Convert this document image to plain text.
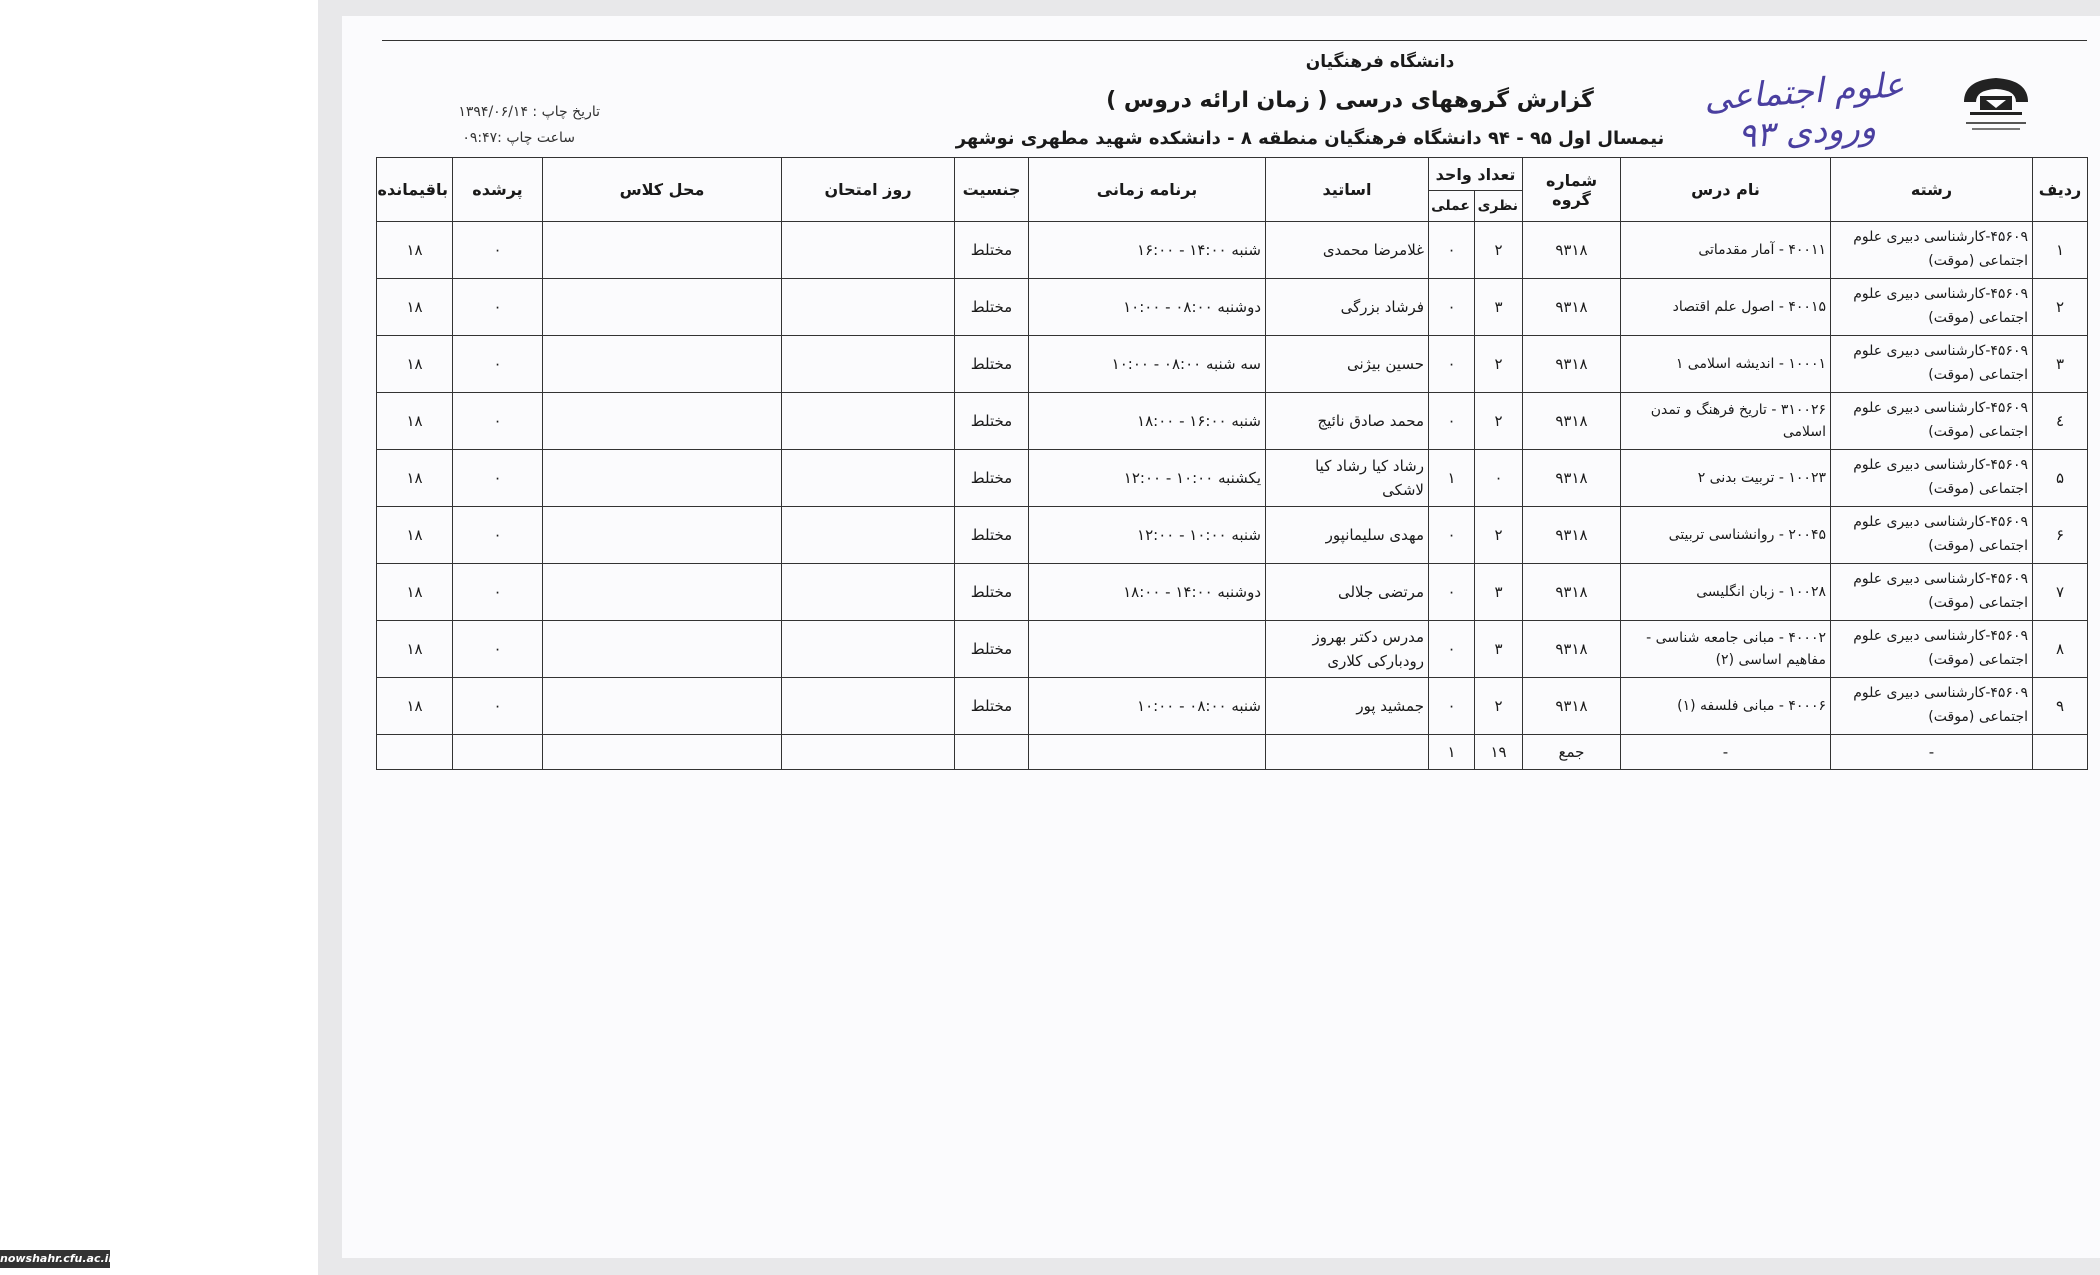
دانشگاه فرهنگیان
گزارش گروههای درسی ( زمان ارائه دروس )
نیمسال اول ۹۵ - ۹۴ دانشگاه فرهنگیان منطقه ۸ - دانشکده شهید مطهری نوشهر
تاریخ چاپ : ۱۳۹۴/۰۶/۱۴
ساعت چاپ :۰۹:۴۷
علوم اجتماعی ورودی ۹۳
ردیف	رشته	نام درس	شماره گروه	تعداد واحد		اساتید	برنامه زمانی	جنسیت	روز امتحان	محل کلاس	پرشده	باقیمانده
				نظری	عملی							
۱	۴۵۶۰۹-کارشناسی دبیری علوم اجتماعی (موقت)	۴۰۰۱۱ - آمار مقدماتی	۹۳۱۸	۲	۰	غلامرضا محمدی	شنبه ۱۴:۰۰ - ۱۶:۰۰	مختلط			۰	۱۸
۲	۴۵۶۰۹-کارشناسی دبیری علوم اجتماعی (موقت)	۴۰۰۱۵ - اصول علم اقتصاد	۹۳۱۸	۳	۰	فرشاد بزرگی	دوشنبه ۰۸:۰۰ - ۱۰:۰۰	مختلط			۰	۱۸
۳	۴۵۶۰۹-کارشناسی دبیری علوم اجتماعی (موقت)	۱۰۰۰۱ - اندیشه اسلامی ۱	۹۳۱۸	۲	۰	حسین بیژنی	سه شنبه ۰۸:۰۰ - ۱۰:۰۰	مختلط			۰	۱۸
٤	۴۵۶۰۹-کارشناسی دبیری علوم اجتماعی (موقت)	۳۱۰۰۲۶ - تاریخ فرهنگ و تمدن اسلامی	۹۳۱۸	۲	۰	محمد صادق نائیج	شنبه ۱۶:۰۰ - ۱۸:۰۰	مختلط			۰	۱۸
۵	۴۵۶۰۹-کارشناسی دبیری علوم اجتماعی (موقت)	۱۰۰۲۳ - تربیت بدنی ۲	۹۳۱۸	۰	۱	رشاد کیا رشاد کیا لاشکی	یکشنبه ۱۰:۰۰ - ۱۲:۰۰	مختلط			۰	۱۸
۶	۴۵۶۰۹-کارشناسی دبیری علوم اجتماعی (موقت)	۲۰۰۴۵ - روانشناسی تربیتی	۹۳۱۸	۲	۰	مهدی سلیمانپور	شنبه ۱۰:۰۰ - ۱۲:۰۰	مختلط			۰	۱۸
۷	۴۵۶۰۹-کارشناسی دبیری علوم اجتماعی (موقت)	۱۰۰۲۸ - زبان انگلیسی	۹۳۱۸	۳	۰	مرتضی جلالی	دوشنبه ۱۴:۰۰ - ۱۸:۰۰	مختلط			۰	۱۸
۸	۴۵۶۰۹-کارشناسی دبیری علوم اجتماعی (موقت)	۴۰۰۰۲ - مبانی جامعه شناسی - مفاهیم اساسی (۲)	۹۳۱۸	۳	۰	مدرس دکتر بهروز رودبارکی کلاری		مختلط			۰	۱۸
۹	۴۵۶۰۹-کارشناسی دبیری علوم اجتماعی (موقت)	۴۰۰۰۶ - مبانی فلسفه (۱)	۹۳۱۸	۲	۰	جمشید پور	شنبه ۰۸:۰۰ - ۱۰:۰۰	مختلط			۰	۱۸
	-	-	جمع	۱۹	۱							
nowshahr.cfu.ac.ir
